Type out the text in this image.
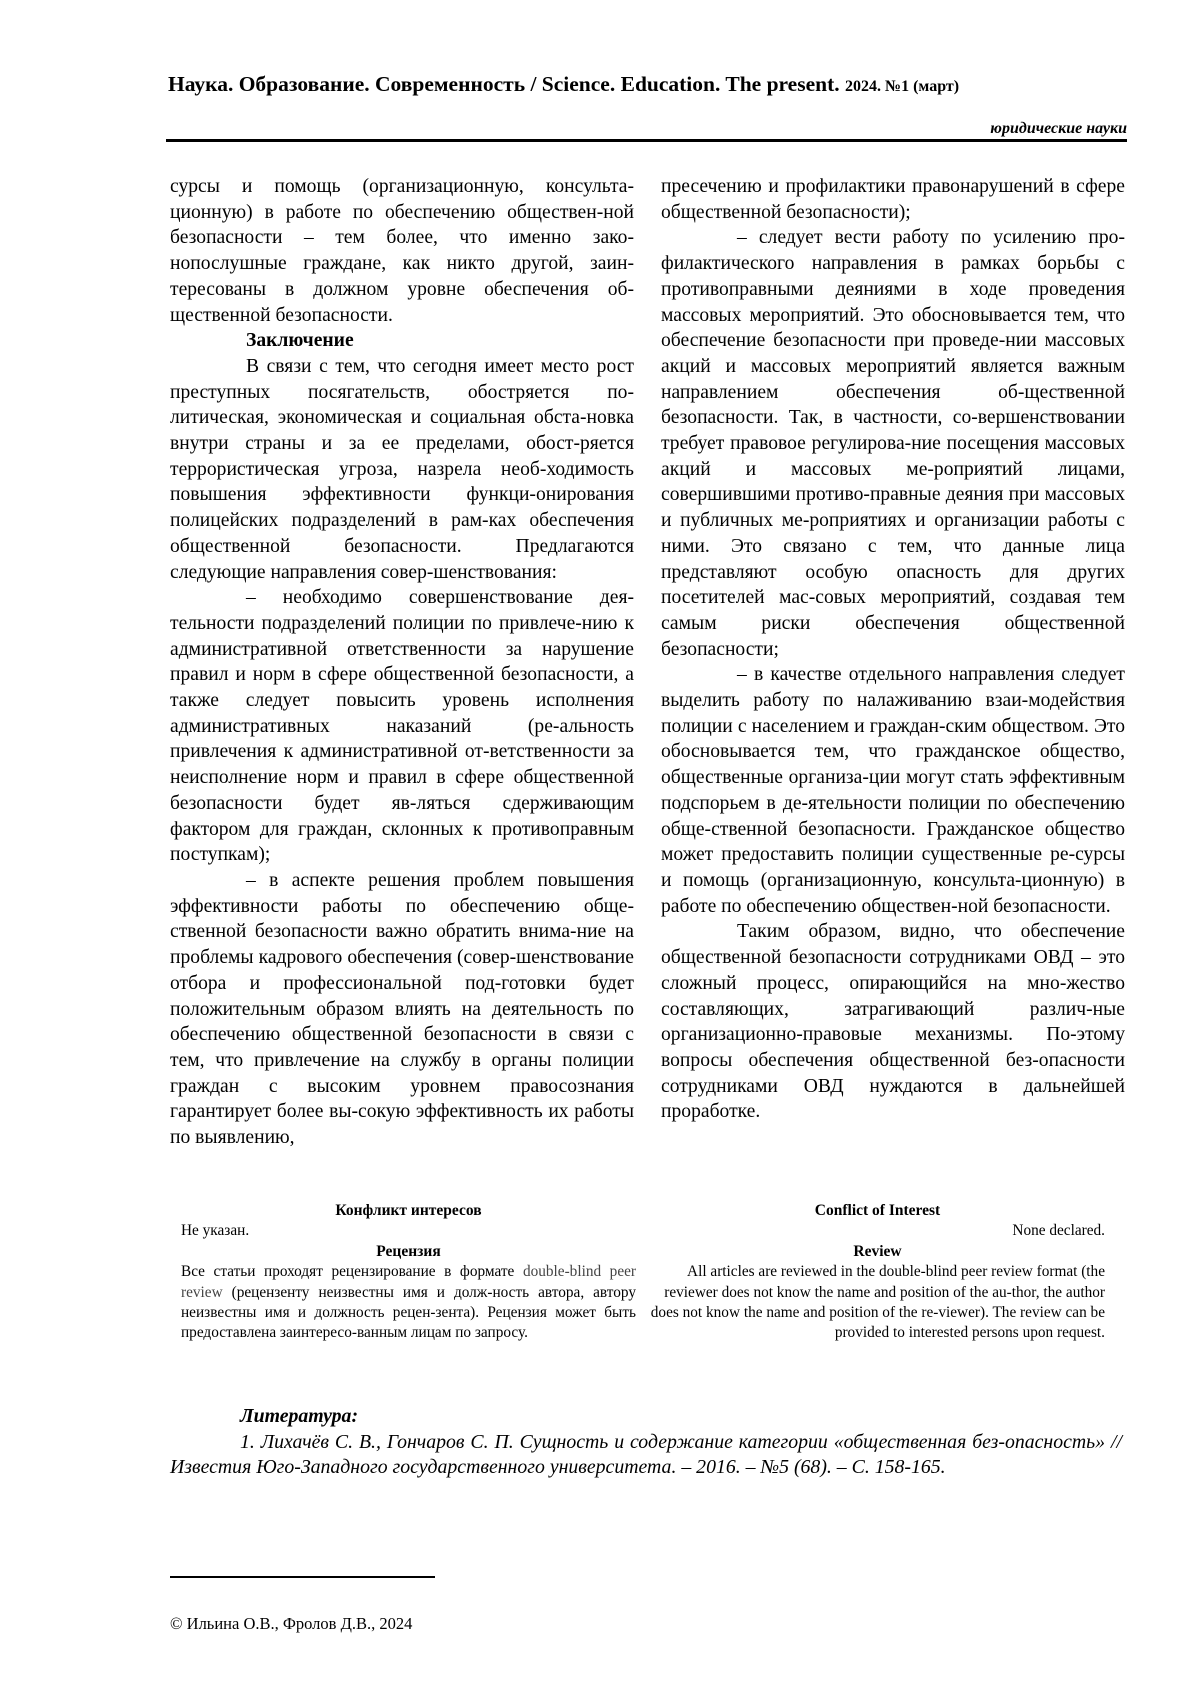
Наука. Образование. Современность / Science. Education. The present. 2024. №1 (март)
юридические науки

сурсы и помощь (организационную, консульта-ционную) в работе по обеспечению обществен-ной безопасности – тем более, что именно зако-нопослушные граждане, как никто другой, заин-тересованы в должном уровне обеспечения об-щественной безопасности.

Заключение

В связи с тем, что сегодня имеет место рост преступных посягательств, обостряется по-литическая, экономическая и социальная обста-новка внутри страны и за ее пределами, обост-ряется террористическая угроза, назрела необ-ходимость повышения эффективности функци-онирования полицейских подразделений в рам-ках обеспечения общественной безопасности. Предлагаются следующие направления совер-шенствования:

– необходимо совершенствование дея-тельности подразделений полиции по привлече-нию к административной ответственности за нарушение правил и норм в сфере общественной безопасности, а также следует повысить уровень исполнения административных наказаний (ре-альность привлечения к административной от-ветственности за неисполнение норм и правил в сфере общественной безопасности будет яв-ляться сдерживающим фактором для граждан, склонных к противоправным поступкам);

– в аспекте решения проблем повышения эффективности работы по обеспечению обще-ственной безопасности важно обратить внима-ние на проблемы кадрового обеспечения (совер-шенствование отбора и профессиональной под-готовки будет положительным образом влиять на деятельность по обеспечению общественной безопасности в связи с тем, что привлечение на службу в органы полиции граждан с высоким уровнем правосознания гарантирует более вы-сокую эффективность их работы по выявлению,

пресечению и профилактики правонарушений в сфере общественной безопасности);

– следует вести работу по усилению про-филактического направления в рамках борьбы с противоправными деяниями в ходе проведения массовых мероприятий. Это обосновывается тем, что обеспечение безопасности при проведе-нии массовых акций и массовых мероприятий является важным направлением обеспечения об-щественной безопасности. Так, в частности, со-вершенствовании требует правовое регулирова-ние посещения массовых акций и массовых ме-роприятий лицами, совершившими противо-правные деяния при массовых и публичных ме-роприятиях и организации работы с ними. Это связано с тем, что данные лица представляют особую опасность для других посетителей мас-совых мероприятий, создавая тем самым риски обеспечения общественной безопасности;

– в качестве отдельного направления следует выделить работу по налаживанию взаи-модействия полиции с населением и граждан-ским обществом. Это обосновывается тем, что гражданское общество, общественные организа-ции могут стать эффективным подспорьем в де-ятельности полиции по обеспечению обще-ственной безопасности. Гражданское общество может предоставить полиции существенные ре-сурсы и помощь (организационную, консульта-ционную) в работе по обеспечению обществен-ной безопасности.

Таким образом, видно, что обеспечение общественной безопасности сотрудниками ОВД – это сложный процесс, опирающийся на мно-жество составляющих, затрагивающий различ-ные организационно-правовые механизмы. По-этому вопросы обеспечения общественной без-опасности сотрудниками ОВД нуждаются в дальнейшей проработке.

Конфликт интересов

Не указан.

Рецензия

Все статьи проходят рецензирование в формате double-blind peer review (рецензенту неизвестны имя и долж-ность автора, автору неизвестны имя и должность рецен-зента). Рецензия может быть предоставлена заинтересо-ванным лицам по запросу.

Conflict of Interest

None declared.

Review

All articles are reviewed in the double-blind peer review format (the reviewer does not know the name and position of the au-thor, the author does not know the name and position of the re-viewer). The review can be provided to interested persons upon request.

Литература:

1. Лихачёв С. В., Гончаров С. П. Сущность и содержание категории «общественная без-опасность» // Известия Юго-Западного государственного университета. – 2016. – №5 (68). – С. 158-165.

© Ильина О.В., Фролов Д.В., 2024
